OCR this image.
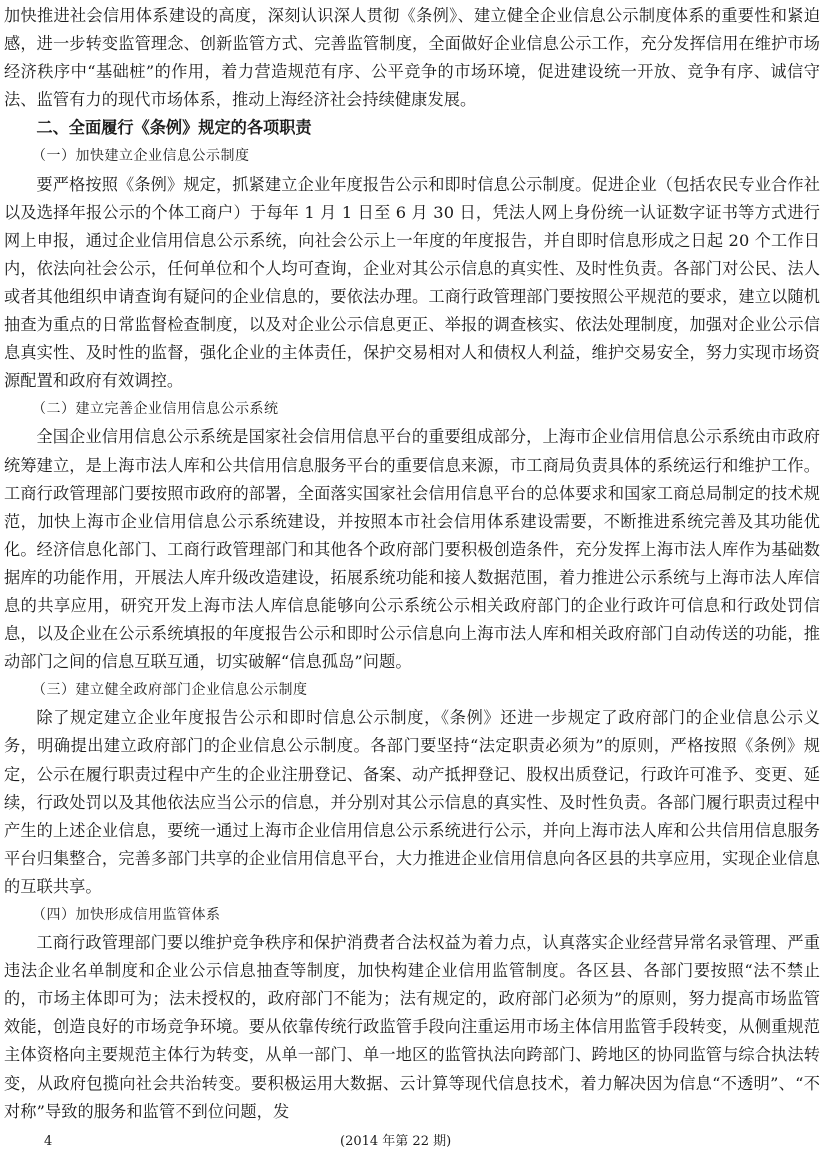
加快推进社会信用体系建设的高度，深刻认识深人贯彻《条例》、建立健全企业信息公示制度体系的重要性和紧迫感，进一步转变监管理念、创新监管方式、完善监管制度，全面做好企业信息公示工作，充分发挥信用在维护市场经济秩序中“基础桩”的作用，着力营造规范有序、公平竞争的市场环境，促进建设统一开放、竞争有序、诚信守法、监管有力的现代市场体系，推动上海经济社会持续健康发展。

二、全面履行《条例》规定的各项职责
（一）加快建立企业信息公示制度

要严格按照《条例》规定，抓紧建立企业年度报告公示和即时信息公示制度。促进企业（包括农民专业合作社以及选择年报公示的个体工商户）于每年 1 月 1 日至 6 月 30 日，凭法人网上身份统一认证数字证书等方式进行网上申报，通过企业信用信息公示系统，向社会公示上一年度的年度报告，并自即时信息形成之日起 20 个工作日内，依法向社会公示，任何单位和个人均可查询，企业对其公示信息的真实性、及时性负责。各部门对公民、法人或者其他组织申请查询有疑问的企业信息的，要依法办理。工商行政管理部门要按照公平规范的要求，建立以随机抽查为重点的日常监督检查制度，以及对企业公示信息更正、举报的调查核实、依法处理制度，加强对企业公示信息真实性、及时性的监督，强化企业的主体责任，保护交易相对人和债权人利益，维护交易安全，努力实现市场资源配置和政府有效调控。

（二）建立完善企业信用信息公示系统

全国企业信用信息公示系统是国家社会信用信息平台的重要组成部分，上海市企业信用信息公示系统由市政府统筹建立，是上海市法人库和公共信用信息服务平台的重要信息来源，市工商局负责具体的系统运行和维护工作。工商行政管理部门要按照市政府的部署，全面落实国家社会信用信息平台的总体要求和国家工商总局制定的技术规范，加快上海市企业信用信息公示系统建设，并按照本市社会信用体系建设需要，不断推进系统完善及其功能优化。经济信息化部门、工商行政管理部门和其他各个政府部门要积极创造条件，充分发挥上海市法人库作为基础数据库的功能作用，开展法人库升级改造建设，拓展系统功能和接人数据范围，着力推进公示系统与上海市法人库信息的共享应用，研究开发上海市法人库信息能够向公示系统公示相关政府部门的企业行政许可信息和行政处罚信息，以及企业在公示系统填报的年度报告公示和即时公示信息向上海市法人库和相关政府部门自动传送的功能，推动部门之间的信息互联互通，切实破解“信息孤岛”问题。

（三）建立健全政府部门企业信息公示制度

除了规定建立企业年度报告公示和即时信息公示制度，《条例》还进一步规定了政府部门的企业信息公示义务，明确提出建立政府部门的企业信息公示制度。各部门要坚持“法定职责必须为”的原则，严格按照《条例》规定，公示在履行职责过程中产生的企业注册登记、备案、动产抵押登记、股权出质登记，行政许可准予、变更、延续，行政处罚以及其他依法应当公示的信息，并分别对其公示信息的真实性、及时性负责。各部门履行职责过程中产生的上述企业信息，要统一通过上海市企业信用信息公示系统进行公示，并向上海市法人库和公共信用信息服务平台归集整合，完善多部门共享的企业信用信息平台，大力推进企业信用信息向各区县的共享应用，实现企业信息的互联共享。

（四）加快形成信用监管体系

工商行政管理部门要以维护竞争秩序和保护消费者合法权益为着力点，认真落实企业经营异常名录管理、严重违法企业名单制度和企业公示信息抽查等制度，加快构建企业信用监管制度。各区县、各部门要按照“法不禁止的，市场主体即可为；法未授权的，政府部门不能为；法有规定的，政府部门必须为”的原则，努力提高市场监管效能，创造良好的市场竞争环境。要从依靠传统行政监管手段向注重运用市场主体信用监管手段转变，从侧重规范主体资格向主要规范主体行为转变，从单一部门、单一地区的监管执法向跨部门、跨地区的协同监管与综合执法转变，从政府包揽向社会共治转变。要积极运用大数据、云计算等现代信息技术，着力解决因为信息“不透明”、“不对称”导致的服务和监管不到位问题，发

4	(2014 年第 22 期)
